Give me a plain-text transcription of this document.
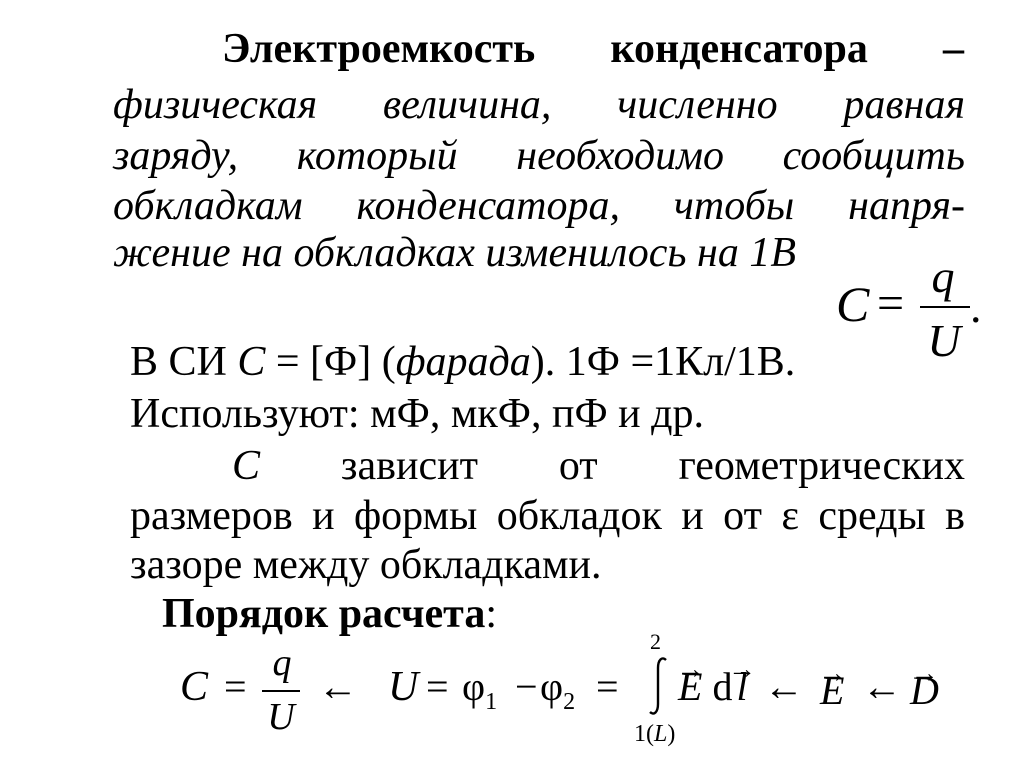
Электроемкость конденсатора –
физическая величина, численно равная
заряду, который необходимо сообщить
обкладкам конденсатора, чтобы напря-
жение на обкладках изменилось на 1В
C =
q
U
.
В СИ C = [Ф] (фарада). 1Ф =1Кл/1В.
Используют: мФ, мкФ, пФ и др.
C зависит от геометрических
размеров и формы обкладок и от ε среды в
зазоре между обкладками.
Порядок расчета:
C =
q
U
← $U = \varphi_1 - \varphi_2$ =
2
1(L)
→ E d → l ← → E ← → D
